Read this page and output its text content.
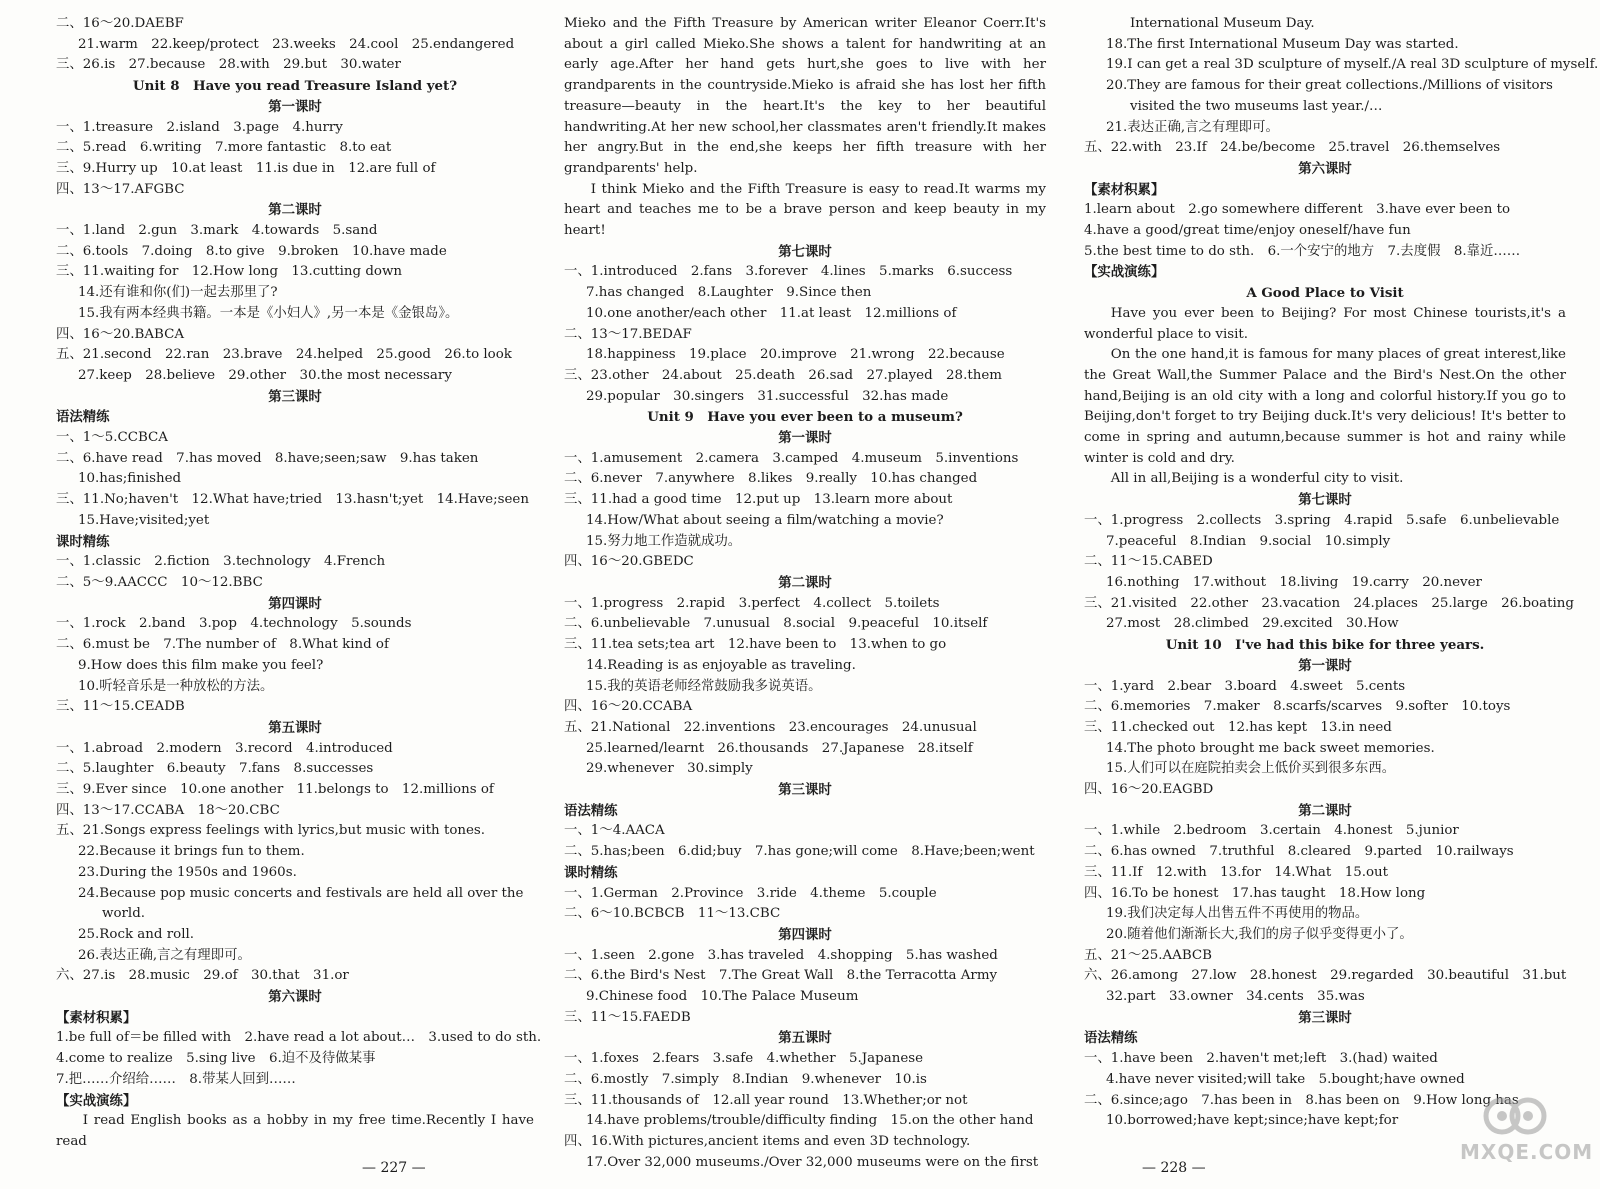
二、16～20.DAEBF
21.warm　22.keep/protect　23.weeks　24.cool　25.endangered
三、26.is　27.because　28.with　29.but　30.water
Unit 8　Have you read Treasure Island yet?
第一课时
一、1.treasure　2.island　3.page　4.hurry
二、5.read　6.writing　7.more fantastic　8.to eat
三、9.Hurry up　10.at least　11.is due in　12.are full of
四、13～17.AFGBC
第二课时
一、1.land　2.gun　3.mark　4.towards　5.sand
二、6.tools　7.doing　8.to give　9.broken　10.have made
三、11.waiting for　12.How long　13.cutting down
14.还有谁和你(们)一起去那里了?
15.我有两本经典书籍。一本是《小妇人》,另一本是《金银岛》。
四、16～20.BABCA
五、21.second　22.ran　23.brave　24.helped　25.good　26.to look
27.keep　28.believe　29.other　30.the most necessary
第三课时
语法精练
一、1～5.CCBCA
二、6.have read　7.has moved　8.have;seen;saw　9.has taken
10.has;finished
三、11.No;haven't　12.What have;tried　13.hasn't;yet　14.Have;seen
15.Have;visited;yet
课时精练
一、1.classic　2.fiction　3.technology　4.French
二、5～9.AACCC　10～12.BBC
第四课时
一、1.rock　2.band　3.pop　4.technology　5.sounds
二、6.must be　7.The number of　8.What kind of
9.How does this film make you feel?
10.听轻音乐是一种放松的方法。
三、11～15.CEADB
第五课时
一、1.abroad　2.modern　3.record　4.introduced
二、5.laughter　6.beauty　7.fans　8.successes
三、9.Ever since　10.one another　11.belongs to　12.millions of
四、13～17.CCABA　18～20.CBC
五、21.Songs express feelings with lyrics,but music with tones.
22.Because it brings fun to them.
23.During the 1950s and 1960s.
24.Because pop music concerts and festivals are held all over the
world.
25.Rock and roll.
26.表达正确,言之有理即可。
六、27.is　28.music　29.of　30.that　31.or
第六课时
【素材积累】
1.be full of＝be filled with　2.have read a lot about…　3.used to do sth.
4.come to realize　5.sing live　6.迫不及待做某事
7.把……介绍给……　8.带某人回到……
【实战演练】
I read English books as a hobby in my free time.Recently I have read
Mieko and the Fifth Treasure by American writer Eleanor Coerr.It's about a girl called Mieko.She shows a talent for handwriting at an early age.After her hand gets hurt,she goes to live with her grandparents in the countryside.Mieko is afraid she has lost her fifth treasure—beauty in the heart.It's the key to her beautiful handwriting.At her new school,her classmates aren't friendly.It makes her angry.But in the end,she keeps her fifth treasure with her grandparents' help.
I think Mieko and the Fifth Treasure is easy to read.It warms my heart and teaches me to be a brave person and keep beauty in my heart!
第七课时
一、1.introduced　2.fans　3.forever　4.lines　5.marks　6.success
7.has changed　8.Laughter　9.Since then
10.one another/each other　11.at least　12.millions of
二、13～17.BEDAF
18.happiness　19.place　20.improve　21.wrong　22.because
三、23.other　24.about　25.death　26.sad　27.played　28.them
29.popular　30.singers　31.successful　32.has made
Unit 9　Have you ever been to a museum?
第一课时
一、1.amusement　2.camera　3.camped　4.museum　5.inventions
二、6.never　7.anywhere　8.likes　9.really　10.has changed
三、11.had a good time　12.put up　13.learn more about
14.How/What about seeing a film/watching a movie?
15.努力地工作造就成功。
四、16～20.GBEDC
第二课时
一、1.progress　2.rapid　3.perfect　4.collect　5.toilets
二、6.unbelievable　7.unusual　8.social　9.peaceful　10.itself
三、11.tea sets;tea art　12.have been to　13.when to go
14.Reading is as enjoyable as traveling.
15.我的英语老师经常鼓励我多说英语。
四、16～20.CCABA
五、21.National　22.inventions　23.encourages　24.unusual
25.learned/learnt　26.thousands　27.Japanese　28.itself
29.whenever　30.simply
第三课时
语法精练
一、1～4.AACA
二、5.has;been　6.did;buy　7.has gone;will come　8.Have;been;went
课时精练
一、1.German　2.Province　3.ride　4.theme　5.couple
二、6～10.BCBCB　11～13.CBC
第四课时
一、1.seen　2.gone　3.has traveled　4.shopping　5.has washed
二、6.the Bird's Nest　7.The Great Wall　8.the Terracotta Army
9.Chinese food　10.The Palace Museum
三、11～15.FAEDB
第五课时
一、1.foxes　2.fears　3.safe　4.whether　5.Japanese
二、6.mostly　7.simply　8.Indian　9.whenever　10.is
三、11.thousands of　12.all year round　13.Whether;or not
14.have problems/trouble/difficulty finding　15.on the other hand
四、16.With pictures,ancient items and even 3D technology.
17.Over 32,000 museums./Over 32,000 museums were on the first
International Museum Day.
18.The first International Museum Day was started.
19.I can get a real 3D sculpture of myself./A real 3D sculpture of myself.
20.They are famous for their great collections./Millions of visitors
visited the two museums last year./…
21.表达正确,言之有理即可。
五、22.with　23.If　24.be/become　25.travel　26.themselves
第六课时
【素材积累】
1.learn about　2.go somewhere different　3.have ever been to
4.have a good/great time/enjoy oneself/have fun
5.the best time to do sth.　6.一个安宁的地方　7.去度假　8.靠近……
【实战演练】
A Good Place to Visit
Have you ever been to Beijing? For most Chinese tourists,it's a wonderful place to visit.
On the one hand,it is famous for many places of great interest,like the Great Wall,the Summer Palace and the Bird's Nest.On the other hand,Beijing is an old city with a long and colorful history.If you go to Beijing,don't forget to try Beijing duck.It's very delicious! It's better to come in spring and autumn,because summer is hot and rainy while winter is cold and dry.
All in all,Beijing is a wonderful city to visit.
第七课时
一、1.progress　2.collects　3.spring　4.rapid　5.safe　6.unbelievable
7.peaceful　8.Indian　9.social　10.simply
二、11～15.CABED
16.nothing　17.without　18.living　19.carry　20.never
三、21.visited　22.other　23.vacation　24.places　25.large　26.boating
27.most　28.climbed　29.excited　30.How
Unit 10　I've had this bike for three years.
第一课时
一、1.yard　2.bear　3.board　4.sweet　5.cents
二、6.memories　7.maker　8.scarfs/scarves　9.softer　10.toys
三、11.checked out　12.has kept　13.in need
14.The photo brought me back sweet memories.
15.人们可以在庭院拍卖会上低价买到很多东西。
四、16～20.EAGBD
第二课时
一、1.while　2.bedroom　3.certain　4.honest　5.junior
二、6.has owned　7.truthful　8.cleared　9.parted　10.railways
三、11.If　12.with　13.for　14.What　15.out
四、16.To be honest　17.has taught　18.How long
19.我们决定每人出售五件不再使用的物品。
20.随着他们渐渐长大,我们的房子似乎变得更小了。
五、21～25.AABCB
六、26.among　27.low　28.honest　29.regarded　30.beautiful　31.but
32.part　33.owner　34.cents　35.was
第三课时
语法精练
一、1.have been　2.haven't met;left　3.(had) waited
4.have never visited;will take　5.bought;have owned
二、6.since;ago　7.has been in　8.has been on　9.How long has
10.borrowed;have kept;since;have kept;for
— 227 —	— 228 —
MXQE.COM
